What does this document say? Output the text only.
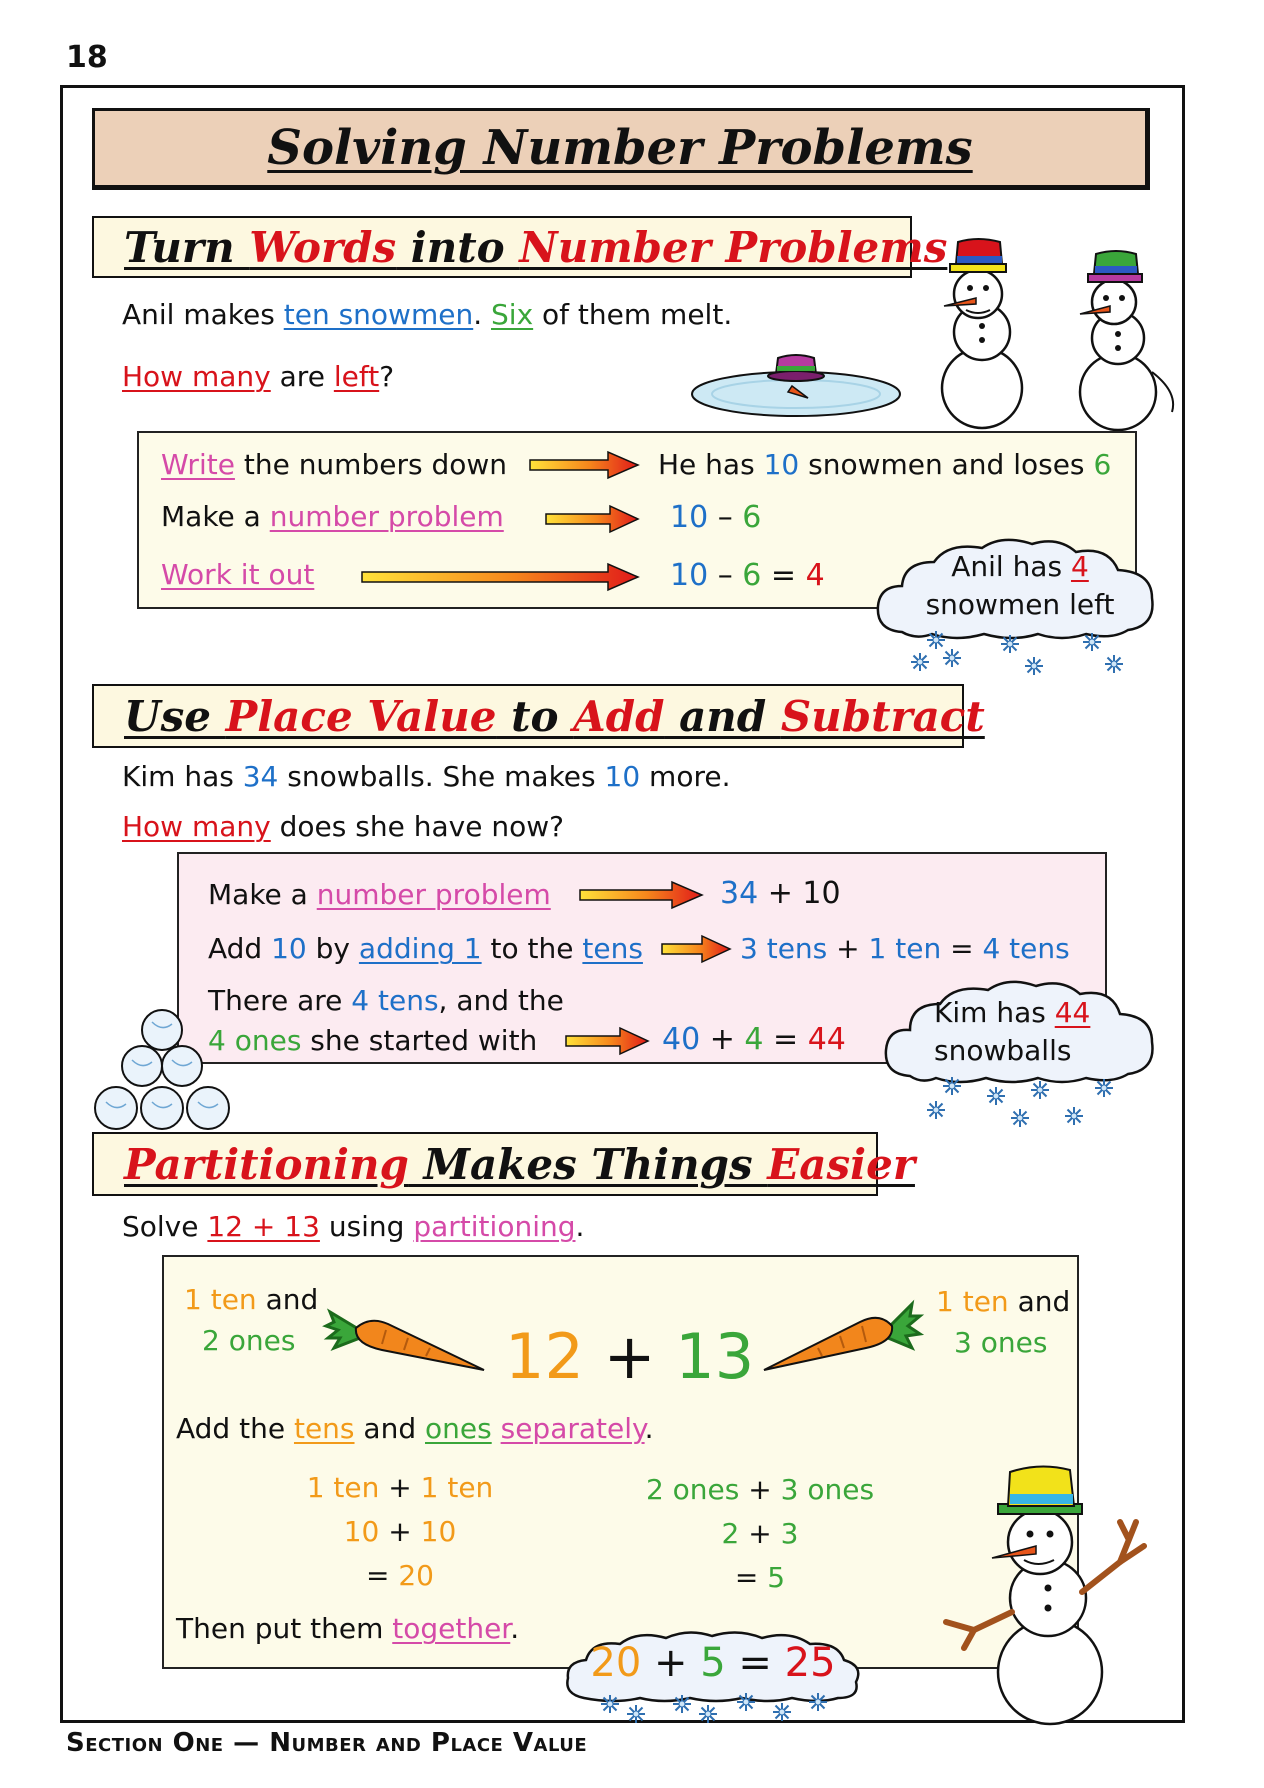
18
Solving Number Problems
Turn Words into Number Problems
Anil makes ten snowmen. Six of them melt.
How many are left?
Write the numbers down
Make a number problem
Work it out
He has 10 snowmen and loses 6
10 – 6
10 – 6 = 4	Anil has 4
snowmen left
Use Place Value to Add and Subtract
Kim has 34 snowballs. She makes 10 more.
How many does she have now?
Make a number problem
Add 10 by adding 1 to the tens
There are 4 tens, and the
4 ones she started with
34 + 10
3 tens + 1 ten = 4 tens
40 + 4 = 44
Kim has 44
snowballs
Partitioning Makes Things Easier
Solve 12 + 13 using partitioning.
1 ten and
2 ones
1 ten and
3 ones
12 + 13
Add the tens and ones separately.
1 ten + 1 ten
10 + 10
= 20
2 ones + 3 ones
2 + 3
= 5
Then put them together.
20 + 5 = 25
Section One — Number and Place Value
